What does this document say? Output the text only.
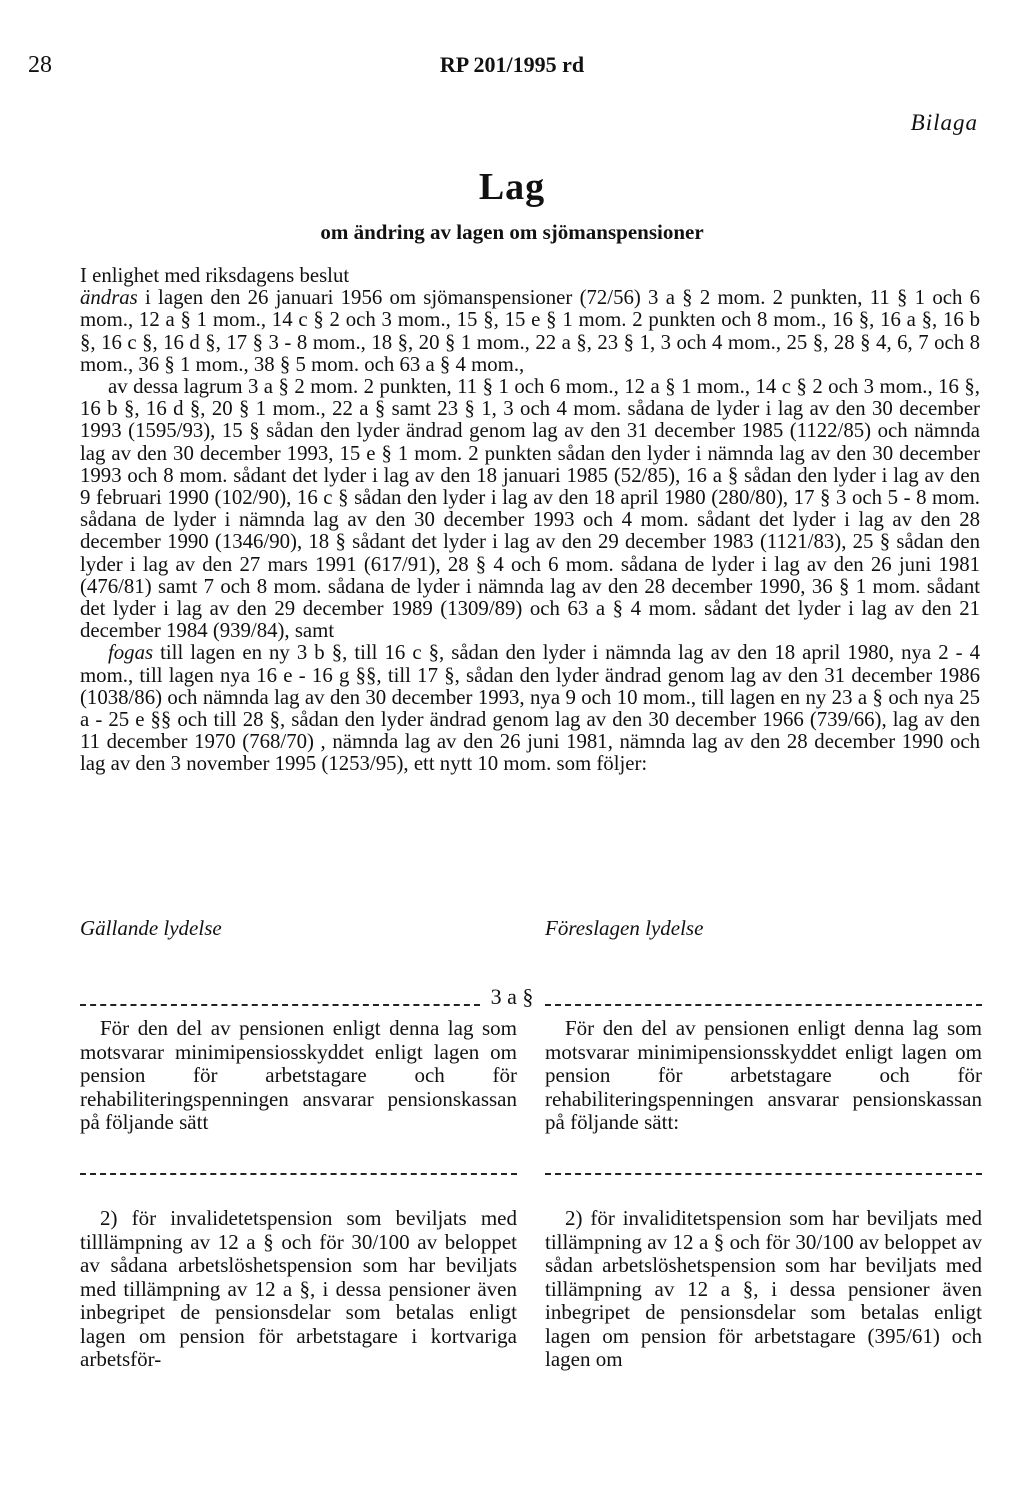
28	RP 201/1995 rd
Bilaga
Lag
om ändring av lagen om sjömanspensioner

I enlighet med riksdagens beslut

ändras i lagen den 26 januari 1956 om sjömanspensioner (72/56) 3 a § 2 mom. 2 punkten, 11 § 1 och 6 mom., 12 a § 1 mom., 14 c § 2 och 3 mom., 15 §, 15 e § 1 mom. 2 punkten och 8 mom., 16 §, 16 a §, 16 b §, 16 c §, 16 d §, 17 § 3 - 8 mom., 18 §, 20 § 1 mom., 22 a §, 23 § 1, 3 och 4 mom., 25 §, 28 § 4, 6, 7 och 8 mom., 36 § 1 mom., 38 § 5 mom. och 63 a § 4 mom.,

av dessa lagrum 3 a § 2 mom. 2 punkten, 11 § 1 och 6 mom., 12 a § 1 mom., 14 c § 2 och 3 mom., 16 §, 16 b §, 16 d §, 20 § 1 mom., 22 a § samt 23 § 1, 3 och 4 mom. sådana de lyder i lag av den 30 december 1993 (1595/93), 15 § sådan den lyder ändrad genom lag av den 31 december 1985 (1122/85) och nämnda lag av den 30 december 1993, 15 e § 1 mom. 2 punkten sådan den lyder i nämnda lag av den 30 december 1993 och 8 mom. sådant det lyder i lag av den 18 januari 1985 (52/85), 16 a § sådan den lyder i lag av den 9 februari 1990 (102/90), 16 c § sådan den lyder i lag av den 18 april 1980 (280/80), 17 § 3 och 5 - 8 mom. sådana de lyder i nämnda lag av den 30 december 1993 och 4 mom. sådant det lyder i lag av den 28 december 1990 (1346/90), 18 § sådant det lyder i lag av den 29 december 1983 (1121/83), 25 § sådan den lyder i lag av den 27 mars 1991 (617/91), 28 § 4 och 6 mom. sådana de lyder i lag av den 26 juni 1981 (476/81) samt 7 och 8 mom. sådana de lyder i nämnda lag av den 28 december 1990, 36 § 1 mom. sådant det lyder i lag av den 29 december 1989 (1309/89) och 63 a § 4 mom. sådant det lyder i lag av den 21 december 1984 (939/84), samt

fogas till lagen en ny 3 b §, till 16 c §, sådan den lyder i nämnda lag av den 18 april 1980, nya 2 - 4 mom., till lagen nya 16 e - 16 g §§, till 17 §, sådan den lyder ändrad genom lag av den 31 december 1986 (1038/86) och nämnda lag av den 30 december 1993, nya 9 och 10 mom., till lagen en ny 23 a § och nya 25 a - 25 e §§ och till 28 §, sådan den lyder ändrad genom lag av den 30 december 1966 (739/66), lag av den 11 december 1970 (768/70) , nämnda lag av den 26 juni 1981, nämnda lag av den 28 december 1990 och lag av den 3 november 1995 (1253/95), ett nytt 10 mom. som följer:

Gällande lydelse	Föreslagen lydelse
3 a §

För den del av pensionen enligt denna lag som motsvarar minimipensiosskyddet enligt lagen om pension för arbetstagare och för rehabiliteringspenningen ansvarar pensionskassan på följande sätt

För den del av pensionen enligt denna lag som motsvarar minimipensionsskyddet enligt lagen om pension för arbetstagare och för rehabiliteringspenningen ansvarar pensionskassan på följande sätt:

2) för invalidetetspension som beviljats med tilllämpning av 12 a § och för 30/100 av beloppet av sådana arbetslöshetspension som har beviljats med tillämpning av 12 a §, i dessa pensioner även inbegripet de pensionsdelar som betalas enligt lagen om pension för arbetstagare i kortvariga arbetsför-

2) för invaliditetspension som har beviljats med tillämpning av 12 a § och för 30/100 av beloppet av sådan arbetslöshetspension som har beviljats med tillämpning av 12 a §, i dessa pensioner även inbegripet de pensionsdelar som betalas enligt lagen om pension för arbetstagare (395/61) och lagen om
